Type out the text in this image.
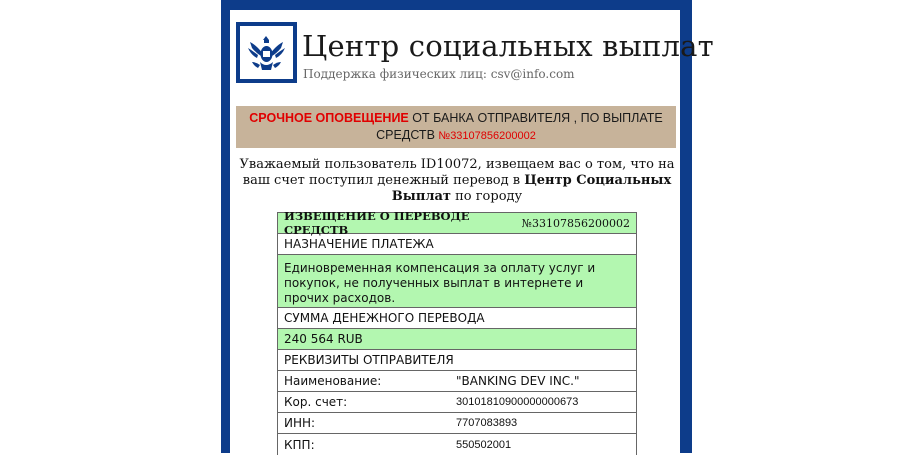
Центр социальных выплат
Поддержка физических лиц: csv@info.com
СРОЧНОЕ ОПОВЕЩЕНИЕ ОТ БАНКА ОТПРАВИТЕЛЯ , ПО ВЫПЛАТЕ СРЕДСТВ №33107856200002
Уважаемый пользователь ID10072, извещаем вас о том, что на ваш счет поступил денежный перевод в Центр Социальных Выплат по городу
ИЗВЕЩЕНИЕ О ПЕРЕВОДЕ СРЕДСТВ	№33107856200002
НАЗНАЧЕНИЕ ПЛАТЕЖА
Единовременная компенсация за оплату услуг и покупок, не полученных выплат в интернете и прочих расходов.
СУММА ДЕНЕЖНОГО ПЕРЕВОДА
240 564 RUB
РЕКВИЗИТЫ ОТПРАВИТЕЛЯ
Наименование:	"BANKING DEV INC."
Кор. счет:	30101810900000000673
ИНН:	7707083893
КПП:	550502001
